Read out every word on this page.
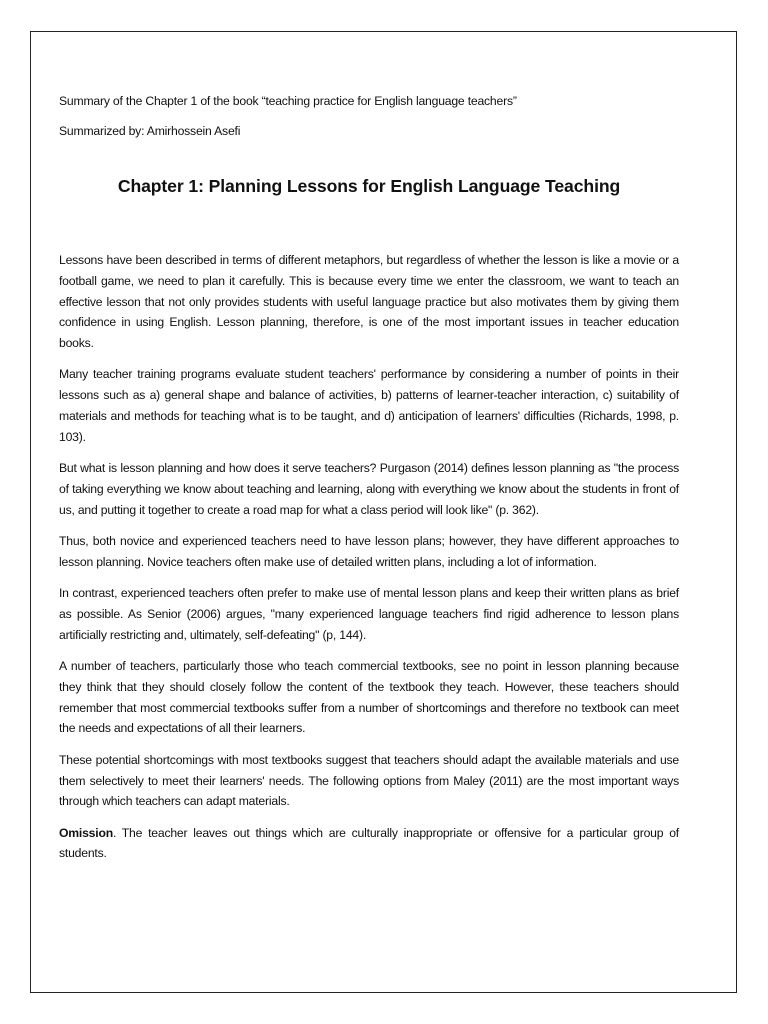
Summary of the Chapter 1 of the book “teaching practice for English language teachers”

Summarized by: Amirhossein Asefi

Chapter 1: Planning Lessons for English Language Teaching

Lessons have been described in terms of different metaphors, but regardless of whether the lesson is like a movie or a football game, we need to plan it carefully. This is because every time we enter the classroom, we want to teach an effective lesson that not only provides students with useful language practice but also motivates them by giving them confidence in using English. Lesson planning, therefore, is one of the most important issues in teacher education books.

Many teacher training programs evaluate student teachers' performance by considering a number of points in their lessons such as a) general shape and balance of activities, b) patterns of learner-teacher interaction, c) suitability of materials and methods for teaching what is to be taught, and d) anticipation of learners' difficulties (Richards, 1998, p. 103).

But what is lesson planning and how does it serve teachers? Purgason (2014) defines lesson planning as "the process of taking everything we know about teaching and learning, along with everything we know about the students in front of us, and putting it together to create a road map for what a class period will look like" (p. 362).

Thus, both novice and experienced teachers need to have lesson plans; however, they have different approaches to lesson planning. Novice teachers often make use of detailed written plans, including a lot of information.

In contrast, experienced teachers often prefer to make use of mental lesson plans and keep their written plans as brief as possible. As Senior (2006) argues, "many experienced language teachers find rigid adherence to lesson plans artificially restricting and, ultimately, self-defeating" (p, 144).

A number of teachers, particularly those who teach commercial textbooks, see no point in lesson planning because they think that they should closely follow the content of the textbook they teach. However, these teachers should remember that most commercial textbooks suffer from a number of shortcomings and therefore no textbook can meet the needs and expectations of all their learners.

These potential shortcomings with most textbooks suggest that teachers should adapt the available materials and use them selectively to meet their learners' needs. The following options from Maley (2011) are the most important ways through which teachers can adapt materials.

Omission. The teacher leaves out things which are culturally inappropriate or offensive for a particular group of students.
